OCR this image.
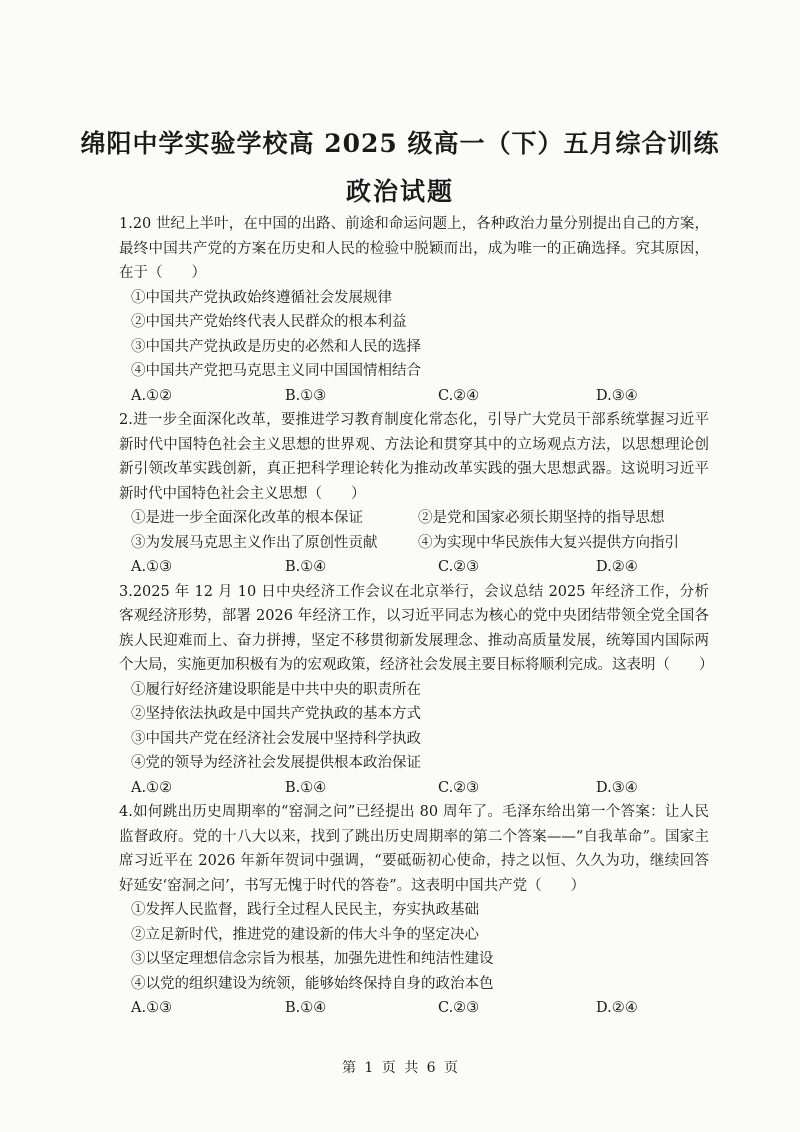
绵阳中学实验学校高 2025 级高一（下）五月综合训练
政治试题

1.20 世纪上半叶，在中国的出路、前途和命运问题上，各种政治力量分别提出自己的方案，最终中国共产党的方案在历史和人民的检验中脱颖而出，成为唯一的正确选择。究其原因，在于（　　）

①中国共产党执政始终遵循社会发展规律
②中国共产党始终代表人民群众的根本利益
③中国共产党执政是历史的必然和人民的选择
④中国共产党把马克思主义同中国国情相结合
A.①②	B.①③	C.②④	D.③④

2.进一步全面深化改革，要推进学习教育制度化常态化，引导广大党员干部系统掌握习近平新时代中国特色社会主义思想的世界观、方法论和贯穿其中的立场观点方法，以思想理论创新引领改革实践创新，真正把科学理论转化为推动改革实践的强大思想武器。这说明习近平新时代中国特色社会主义思想（　　）

①是进一步全面深化改革的根本保证	②是党和国家必须长期坚持的指导思想
③为发展马克思主义作出了原创性贡献	④为实现中华民族伟大复兴提供方向指引
A.①③	B.①④	C.②③	D.②④

3.2025 年 12 月 10 日中央经济工作会议在北京举行，会议总结 2025 年经济工作，分析客观经济形势，部署 2026 年经济工作，以习近平同志为核心的党中央团结带领全党全国各族人民迎难而上、奋力拼搏，坚定不移贯彻新发展理念、推动高质量发展，统筹国内国际两个大局，实施更加积极有为的宏观政策，经济社会发展主要目标将顺利完成。这表明（　　）

①履行好经济建设职能是中共中央的职责所在
②坚持依法执政是中国共产党执政的基本方式
③中国共产党在经济社会发展中坚持科学执政
④党的领导为经济社会发展提供根本政治保证
A.①②	B.①④	C.②③	D.③④

4.如何跳出历史周期率的“窑洞之问”已经提出 80 周年了。毛泽东给出第一个答案：让人民监督政府。党的十八大以来，找到了跳出历史周期率的第二个答案——“自我革命”。国家主席习近平在 2026 年新年贺词中强调，“要砥砺初心使命，持之以恒、久久为功，继续回答好延安‘窑洞之问’，书写无愧于时代的答卷”。这表明中国共产党（　　）

①发挥人民监督，践行全过程人民民主，夯实执政基础
②立足新时代，推进党的建设新的伟大斗争的坚定决心
③以坚定理想信念宗旨为根基，加强先进性和纯洁性建设
④以党的组织建设为统领，能够始终保持自身的政治本色
A.①③	B.①④	C.②③	D.②④
第 1 页 共 6 页
